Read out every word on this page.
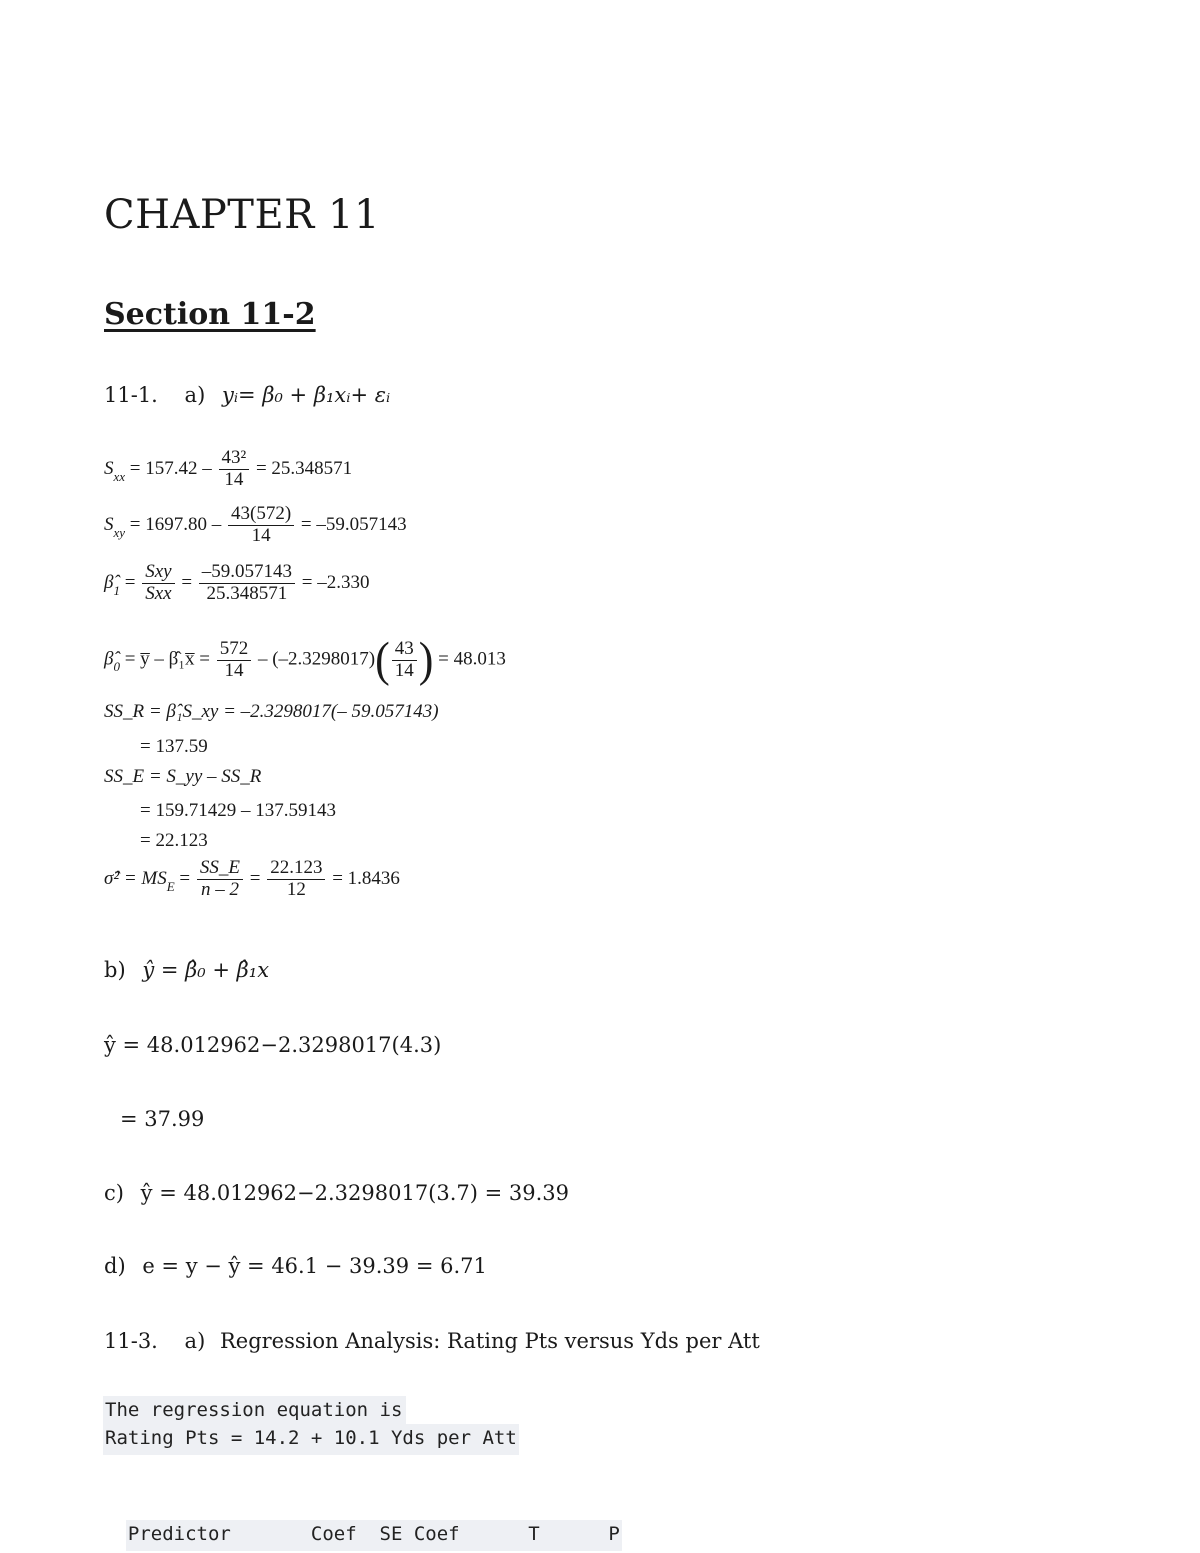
CHAPTER 11
Section 11-2
11-1. a) yᵢ= β₀ + β₁xᵢ+ εᵢ
$S_{xx} = 157.42 - \frac{\text{43²}}{14} = 25.348571$
$S_{xy} = 1697.80 - \frac{43(572)}{14} = -59.057143$
$\betâ_1 = \frac{\text{Sxy}}{\text{Sxx}} = \frac{-59.057143}{25.348571} = -2.330$
$\betâ_0$ = y̅ – β̂₁x̅ = $\frac{572}{14} - (-2.3298017)( \frac{43}{14}$ ) = 48.013
SS_R = β̂₁S_xy = –2.3298017(– 59.057143)
= 137.59
SS_E = S_yy – SS_R
= 159.71429 – 137.59143
= 22.123
σ̂² = $MS_E = \frac{SS\_E}{n - 2} = \frac{22.123}{12} = 1.8436$
b) ŷ = β̂₀ + β̂₁x
ŷ = 48.012962−2.3298017(4.3)
= 37.99
c) ŷ = 48.012962−2.3298017(3.7) = 39.39
d) e = y − ŷ = 46.1 − 39.39 = 6.71
11-3. a) Regression Analysis: Rating Pts versus Yds per Att
The regression equation is
Rating Pts = 14.2 + 10.1 Yds per Att

Predictor       Coef  SE Coef      T      P
